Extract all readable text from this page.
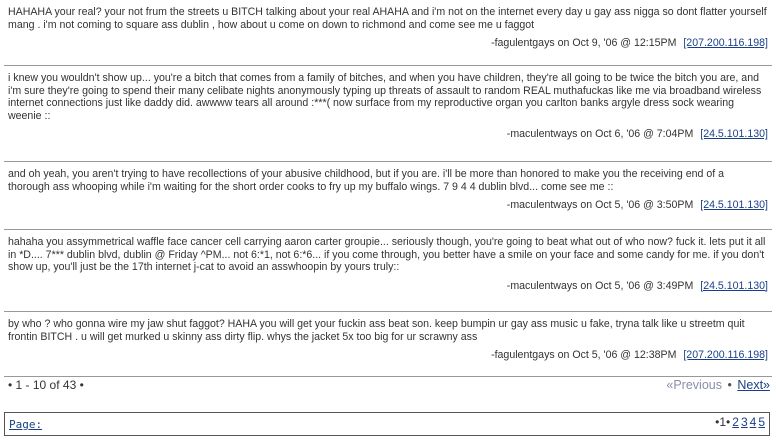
HAHAHA your real? your not frum the streets u BITCH talking about your real AHAHA and i'm not on the internet every day u gay ass nigga so dont flatter yourself mang . i'm not coming to square ass dublin , how about u come on down to richmond and come see me u faggot

-fagulentgays on Oct 9, '06 @ 12:15PM [207.200.116.198]

i knew you wouldn't show up... you're a bitch that comes from a family of bitches, and when you have children, they're all going to be twice the bitch you are, and i'm sure they're going to spend their many celibate nights anonymously typing up threats of assault to random REAL muthafuckas like me via broadband wireless internet connections just like daddy did. awwww tears all around :***( now surface from my reproductive organ you carlton banks argyle dress sock wearing weenie ::

-maculentways on Oct 6, '06 @ 7:04PM [24.5.101.130]

and oh yeah, you aren't trying to have recollections of your abusive childhood, but if you are. i'll be more than honored to make you the receiving end of a thorough ass whooping while i'm waiting for the short order cooks to fry up my buffalo wings. 7 9 4 4 dublin blvd... come see me ::

-maculentways on Oct 5, '06 @ 3:50PM [24.5.101.130]

hahaha you assymmetrical waffle face cancer cell carrying aaron carter groupie... seriously though, you're going to beat what out of who now? fuck it. lets put it all in *D.... 7*** dublin blvd, dublin @ Friday ^PM... not 6:*1, not 6:*6... if you come through, you better have a smile on your face and some candy for me. if you don't show up, you'll just be the 17th internet j-cat to avoid an asswhoopin by yours truly::

-maculentways on Oct 5, '06 @ 3:49PM [24.5.101.130]

by who ? who gonna wire my jaw shut faggot? HAHA you will get your fuckin ass beat son. keep bumpin ur gay ass music u fake, tryna talk like u streetm quit frontin BITCH . u will get murked u skinny ass dirty flip. whys the jacket 5x too big for ur scrawny ass

-fagulentgays on Oct 5, '06 @ 12:38PM [207.200.116.198]
• 1 - 10 of 43 •	«Previous • Next»
Page:	•1• 2 3 4 5
